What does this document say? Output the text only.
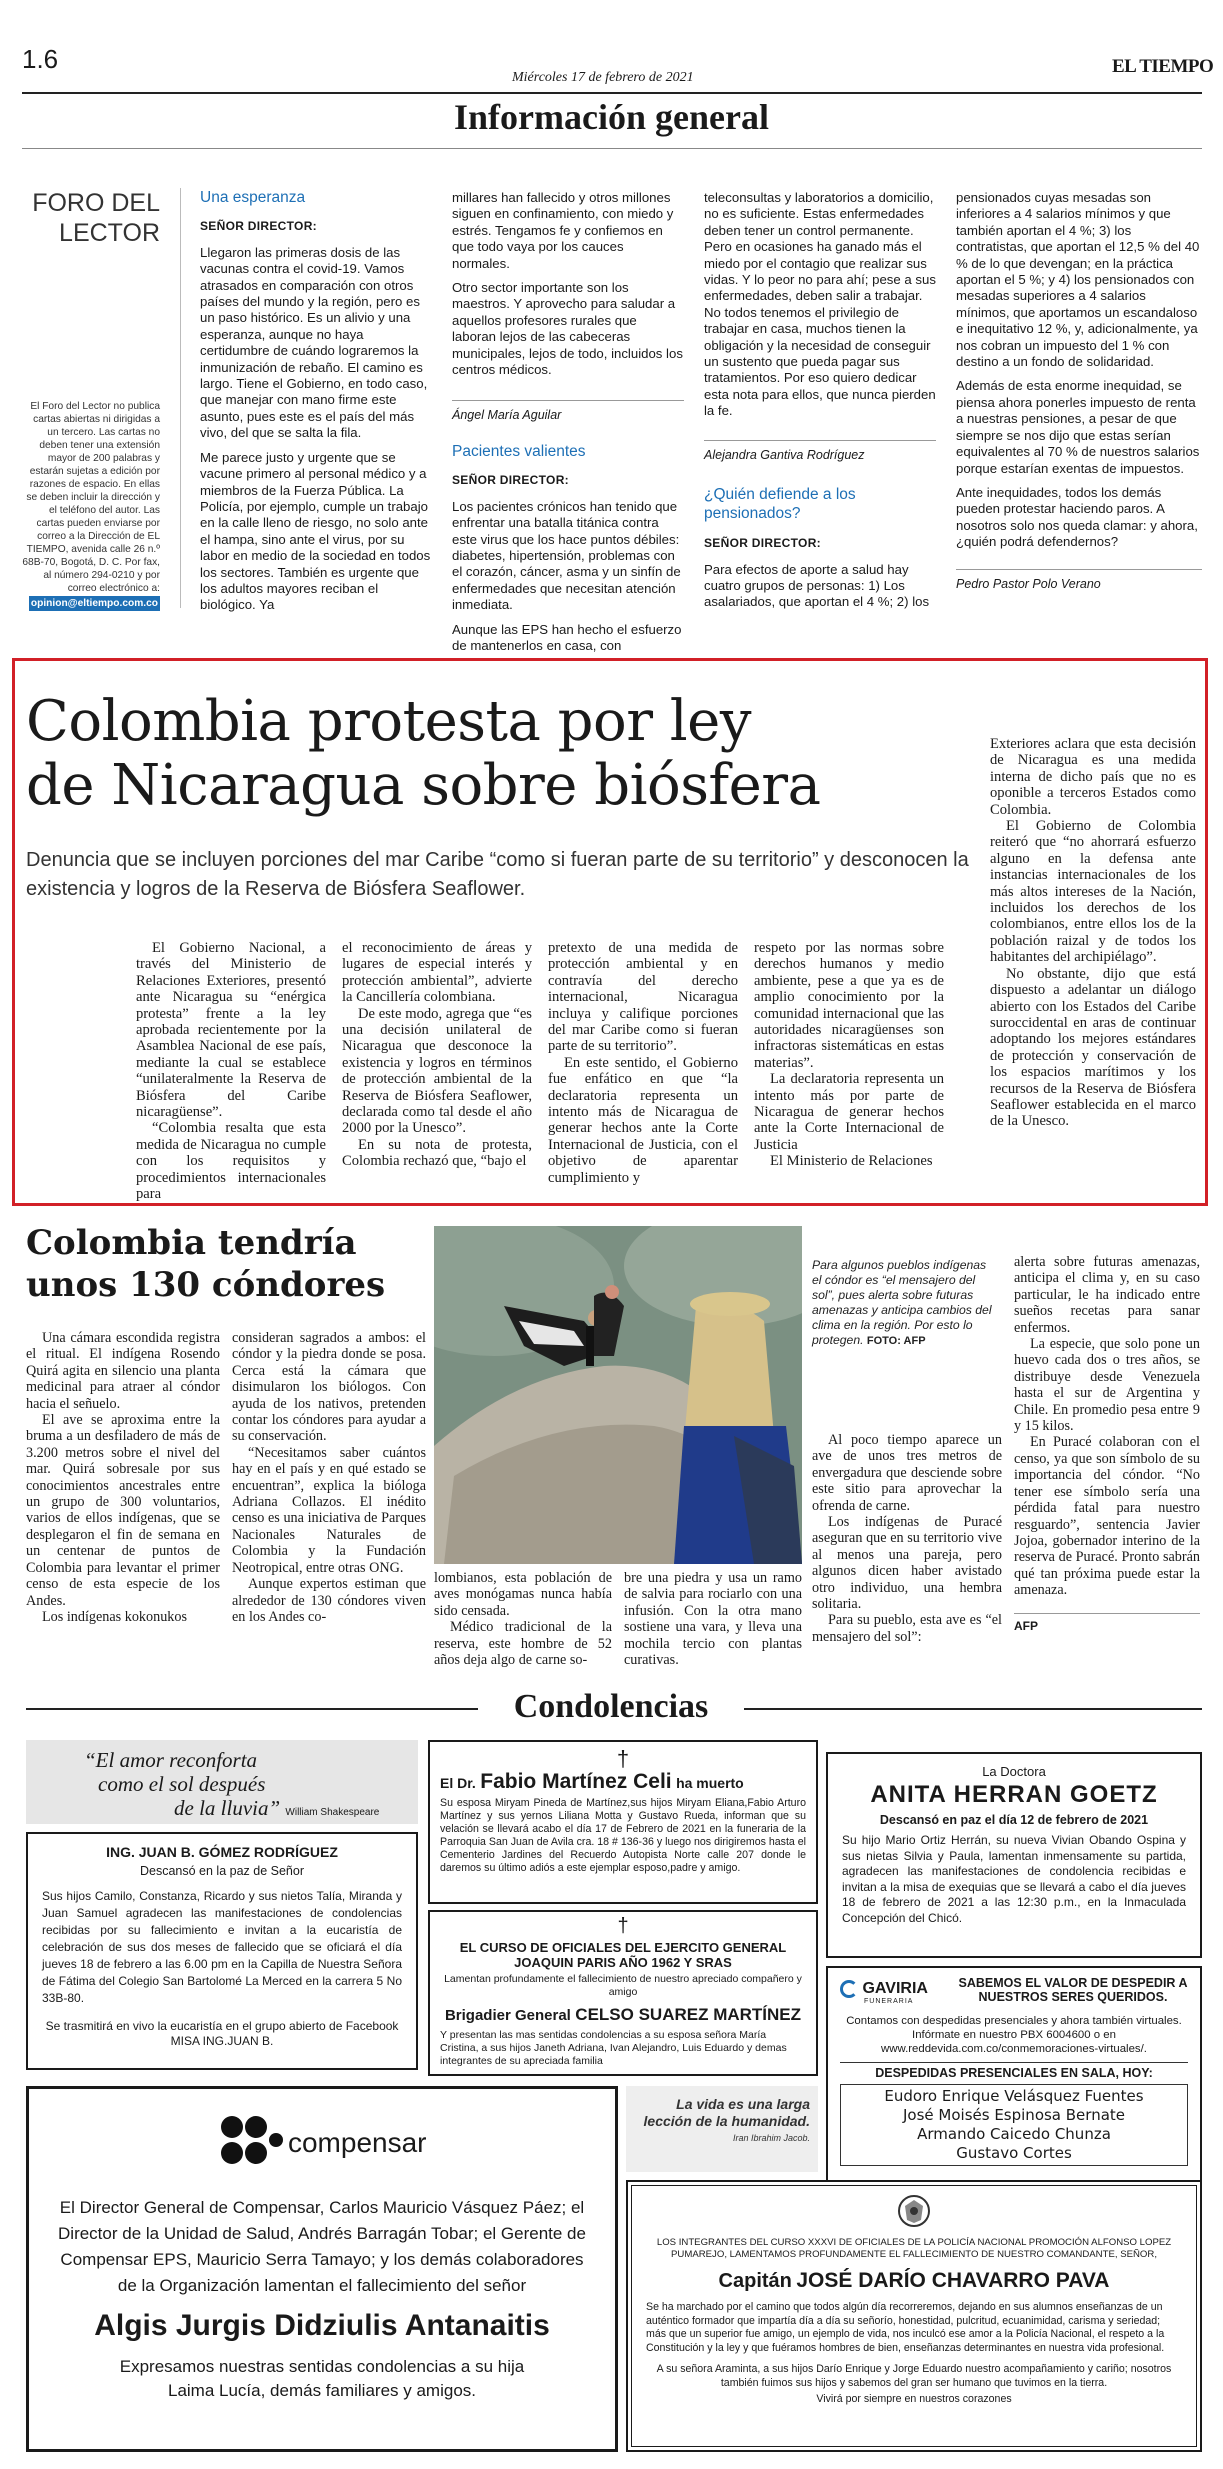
1.6
Miércoles 17 de febrero de 2021
EL TIEMPO
Información general
FORO DEL
LECTOR
El Foro del Lector no publica cartas abiertas ni dirigidas a un tercero. Las cartas no deben tener una extensión mayor de 200 palabras y estarán sujetas a edición por razones de espacio. En ellas se deben incluir la dirección y el teléfono del autor. Las cartas pueden enviarse por correo a la Dirección de EL TIEMPO, avenida calle 26 n.º 68B-70, Bogotá, D. C. Por fax, al número 294-0210 y por correo electrónico a: opinion@eltiempo.com.co
Una esperanza
SEÑOR DIRECTOR:

Llegaron las primeras dosis de las vacunas contra el covid-19. Vamos atrasados en comparación con otros países del mundo y la región, pero es un paso histórico. Es un alivio y una esperanza, aunque no haya certidumbre de cuándo lograremos la inmunización de rebaño. El camino es largo. Tiene el Gobierno, en todo caso, que manejar con mano firme este asunto, pues este es el país del más vivo, del que se salta la fila.

Me parece justo y urgente que se vacune primero al personal médico y a miembros de la Fuerza Pública. La Policía, por ejemplo, cumple un trabajo en la calle lleno de riesgo, no solo ante el hampa, sino ante el virus, por su labor en medio de la sociedad en todos los sectores. También es urgente que los adultos mayores reciban el biológico. Ya

millares han fallecido y otros millones siguen en confinamiento, con miedo y estrés. Tengamos fe y confiemos en que todo vaya por los cauces normales.

Otro sector importante son los maestros. Y aprovecho para saludar a aquellos profesores rurales que laboran lejos de las cabeceras municipales, lejos de todo, incluidos los centros médicos.

Ángel María Aguilar
Pacientes valientes
SEÑOR DIRECTOR:

Los pacientes crónicos han tenido que enfrentar una batalla titánica contra este virus que los hace puntos débiles: diabetes, hipertensión, problemas con el corazón, cáncer, asma y un sinfín de enfermedades que necesitan atención inmediata.

Aunque las EPS han hecho el esfuerzo de mantenerlos en casa, con

teleconsultas y laboratorios a domicilio, no es suficiente. Estas enfermedades deben tener un control permanente. Pero en ocasiones ha ganado más el miedo por el contagio que realizar sus vidas. Y lo peor no para ahí; pese a sus enfermedades, deben salir a trabajar. No todos tenemos el privilegio de trabajar en casa, muchos tienen la obligación y la necesidad de conseguir un sustento que pueda pagar sus tratamientos. Por eso quiero dedicar esta nota para ellos, que nunca pierden la fe.

Alejandra Gantiva Rodríguez
¿Quién defiende a los pensionados?
SEÑOR DIRECTOR:

Para efectos de aporte a salud hay cuatro grupos de personas: 1) Los asalariados, que aportan el 4 %; 2) los

pensionados cuyas mesadas son inferiores a 4 salarios mínimos y que también aportan el 4 %; 3) los contratistas, que aportan el 12,5 % del 40 % de lo que devengan; en la práctica aportan el 5 %; y 4) los pensionados con mesadas superiores a 4 salarios mínimos, que aportamos un escandaloso e inequitativo 12 %, y, adicionalmente, ya nos cobran un impuesto del 1 % con destino a un fondo de solidaridad.

Además de esta enorme inequidad, se piensa ahora ponerles impuesto de renta a nuestras pensiones, a pesar de que siempre se nos dijo que estas serían equivalentes al 70 % de nuestros salarios porque estarían exentas de impuestos.

Ante inequidades, todos los demás pueden protestar haciendo paros. A nosotros solo nos queda clamar: y ahora, ¿quién podrá defendernos?

Pedro Pastor Polo Verano
Colombia protesta por ley
de Nicaragua sobre biósfera
Denuncia que se incluyen porciones del mar Caribe “como si fueran parte de su territorio” y desconocen la existencia y logros de la Reserva de Biósfera Seaflower.

El Gobierno Nacional, a través del Ministerio de Relaciones Exteriores, presentó ante Nicaragua su “enérgica protesta” frente a la ley aprobada recientemente por la Asamblea Nacional de ese país, mediante la cual se establece “unilateralmente la Reserva de Biósfera del Caribe nicaragüense”.

“Colombia resalta que esta medida de Nicaragua no cumple con los requisitos y procedimientos internacionales para

el reconocimiento de áreas y lugares de especial interés y protección ambiental”, advierte la Cancillería colombiana.

De este modo, agrega que “es una decisión unilateral de Nicaragua que desconoce la existencia y logros en términos de protección ambiental de la Reserva de Biósfera Seaflower, declarada como tal desde el año 2000 por la Unesco”.

En su nota de protesta, Colombia rechazó que, “bajo el

pretexto de una medida de protección ambiental y en contravía del derecho internacional, Nicaragua incluya y califique porciones del mar Caribe como si fueran parte de su territorio”.

En este sentido, el Gobierno fue enfático en que “la declaratoria representa un intento más de Nicaragua de generar hechos ante la Corte Internacional de Justicia, con el objetivo de aparentar cumplimiento y

respeto por las normas sobre derechos humanos y medio ambiente, pese a que ya es de amplio conocimiento por la comunidad internacional que las autoridades nicaragüenses son infractoras sistemáticas en estas materias”.

La declaratoria representa un intento más por parte de Nicaragua de generar hechos ante la Corte Internacional de Justicia

El Ministerio de Relaciones

Exteriores aclara que esta decisión de Nicaragua es una medida interna de dicho país que no es oponible a terceros Estados como Colombia.

El Gobierno de Colombia reiteró que “no ahorrará esfuerzo alguno en la defensa ante instancias internacionales de los más altos intereses de la Nación, incluidos los derechos de los colombianos, entre ellos los de la población raizal y de todos los habitantes del archipiélago”.

No obstante, dijo que está dispuesto a adelantar un diálogo abierto con los Estados del Caribe suroccidental en aras de continuar adoptando los mejores estándares de protección y conservación de los espacios marítimos y los recursos de la Reserva de Biósfera Seaflower establecida en el marco de la Unesco.

Colombia tendría
unos 130 cóndores

Una cámara escondida registra el ritual. El indígena Rosendo Quirá agita en silencio una planta medicinal para atraer al cóndor hacia el señuelo.

El ave se aproxima entre la bruma a un desfiladero de más de 3.200 metros sobre el nivel del mar. Quirá sobresale por sus conocimientos ancestrales entre un grupo de 300 voluntarios, varios de ellos indígenas, que se desplegaron el fin de semana en un centenar de puntos de Colombia para levantar el primer censo de esta especie de los Andes.

Los indígenas kokonukos

consideran sagrados a ambos: el cóndor y la piedra donde se posa. Cerca está la cámara que disimularon los biólogos. Con ayuda de los nativos, pretenden contar los cóndores para ayudar a su conservación.

“Necesitamos saber cuántos hay en el país y en qué estado se encuentran”, explica la bióloga Adriana Collazos. El inédito censo es una iniciativa de Parques Nacionales Naturales de Colombia y la Fundación Neotropical, entre otras ONG.

Aunque expertos estiman que alrededor de 130 cóndores viven en los Andes co-

Para algunos pueblos indígenas el cóndor es “el mensajero del sol”, pues alerta sobre futuras amenazas y anticipa cambios del clima en la región. Por esto lo protegen. FOTO: AFP

lombianos, esta población de aves monógamas nunca había sido censada.

Médico tradicional de la reserva, este hombre de 52 años deja algo de carne so-

bre una piedra y usa un ramo de salvia para rociarlo con una infusión. Con la otra mano sostiene una vara, y lleva una mochila tercio con plantas curativas.

Al poco tiempo aparece un ave de unos tres metros de envergadura que desciende sobre este sitio para aprovechar la ofrenda de carne.

Los indígenas de Puracé aseguran que en su territorio vive al menos una pareja, pero algunos dicen haber avistado otro individuo, una hembra solitaria.

Para su pueblo, esta ave es “el mensajero del sol”:

alerta sobre futuras amenazas, anticipa el clima y, en su caso particular, le ha indicado entre sueños recetas para sanar enfermos.

La especie, que solo pone un huevo cada dos o tres años, se distribuye desde Venezuela hasta el sur de Argentina y Chile. En promedio pesa entre 9 y 15 kilos.

En Puracé colaboran con el censo, ya que son símbolo de su importancia del cóndor. “No tener ese símbolo sería una pérdida fatal para nuestro resguardo”, sentencia Javier Jojoa, gobernador interino de la reserva de Puracé. Pronto sabrán qué tan próxima puede estar la amenaza.

AFP
Condolencias
“El amor reconforta
como el sol después
de la lluvia” William Shakespeare
ING. JUAN B. GÓMEZ RODRÍGUEZ
Descansó en la paz de Señor
Sus hijos Camilo, Constanza, Ricardo y sus nietos Talía, Miranda y Juan Samuel agradecen las manifestaciones de condolencias recibidas por su fallecimiento e invitan a la eucaristía de celebración de sus dos meses de fallecido que se oficiará el día jueves 18 de febrero a las 6.00 pm en la Capilla de Nuestra Señora de Fátima del Colegio San Bartolomé La Merced en la carrera 5 No 33B-80.
Se trasmitirá en vivo la eucaristía en el grupo abierto de Facebook MISA ING.JUAN B.
†
El Dr. Fabio Martínez Celi ha muerto
Su esposa Miryam Pineda de Martínez,sus hijos Miryam Eliana,Fabio Arturo Martínez y sus yernos Liliana Motta y Gustavo Rueda, informan que su velación se llevará acabo el día 17 de Febrero de 2021 en la funeraria de la Parroquia San Juan de Avila cra. 18 # 136-36 y luego nos dirigiremos hasta el Cementerio Jardines del Recuerdo Autopista Norte calle 207 donde le daremos su último adiós a este ejemplar esposo,padre y amigo.
†
EL CURSO DE OFICIALES DEL EJERCITO GENERAL JOAQUIN PARIS AÑO 1962 Y SRAS
Lamentan profundamente el fallecimiento de nuestro apreciado compañero y amigo
Brigadier General CELSO SUAREZ MARTÍNEZ
Y presentan las mas sentidas condolencias a su esposa señora María Cristina, a sus hijos Janeth Adriana, Ivan Alejandro, Luis Eduardo y demas integrantes de su apreciada familia
La Doctora
ANITA HERRAN GOETZ
Descansó en paz el día 12 de febrero de 2021
Su hijo Mario Ortiz Herrán, su nueva Vivian Obando Ospina y sus nietas Silvia y Paula, lamentan inmensamente su partida, agradecen las manifestaciones de condolencia recibidas e invitan a la misa de exequias que se llevará a cabo el día jueves 18 de febrero de 2021 a las 12:30 p.m., en la Inmaculada Concepción del Chicó.
GAVIRIA
FUNERARIA
SABEMOS EL VALOR DE DESPEDIR A NUESTROS SERES QUERIDOS.
Contamos con despedidas presenciales y ahora también virtuales. Infórmate en nuestro PBX 6004600 o en www.reddevida.com.co/conmemoraciones-virtuales/.
DESPEDIDAS PRESENCIALES EN SALA, HOY:
Eudoro Enrique Velásquez Fuentes
José Moisés Espinosa Bernate
Armando Caicedo Chunza
Gustavo Cortes
La vida es una larga
lección de la humanidad.
Iran Ibrahim Jacob.
compensar
El Director General de Compensar, Carlos Mauricio Vásquez Páez; el Director de la Unidad de Salud, Andrés Barragán Tobar; el Gerente de Compensar EPS, Mauricio Serra Tamayo; y los demás colaboradores de la Organización lamentan el fallecimiento del señor
Algis Jurgis Didziulis Antanaitis
Expresamos nuestras sentidas condolencias a su hija Laima Lucía, demás familiares y amigos.
LOS INTEGRANTES DEL CURSO XXXVI DE OFICIALES DE LA POLICÍA NACIONAL PROMOCIÓN ALFONSO LOPEZ PUMAREJO, LAMENTAMOS PROFUNDAMENTE EL FALLECIMIENTO DE NUESTRO COMANDANTE, SEÑOR,
Capitán JOSÉ DARÍO CHAVARRO PAVA
Se ha marchado por el camino que todos algún día recorreremos, dejando en sus alumnos enseñanzas de un auténtico formador que impartía día a día su señorío, honestidad, pulcritud, ecuanimidad, carisma y seriedad; más que un superior fue amigo, un ejemplo de vida, nos inculcó ese amor a la Policía Nacional, el respeto a la Constitución y la ley y que fuéramos hombres de bien, enseñanzas determinantes en nuestra vida profesional.
A su señora Araminta, a sus hijos Darío Enrique y Jorge Eduardo nuestro acompañamiento y cariño; nosotros también fuimos sus hijos y sabemos del gran ser humano que tuvimos en la tierra.
Vivirá por siempre en nuestros corazones
